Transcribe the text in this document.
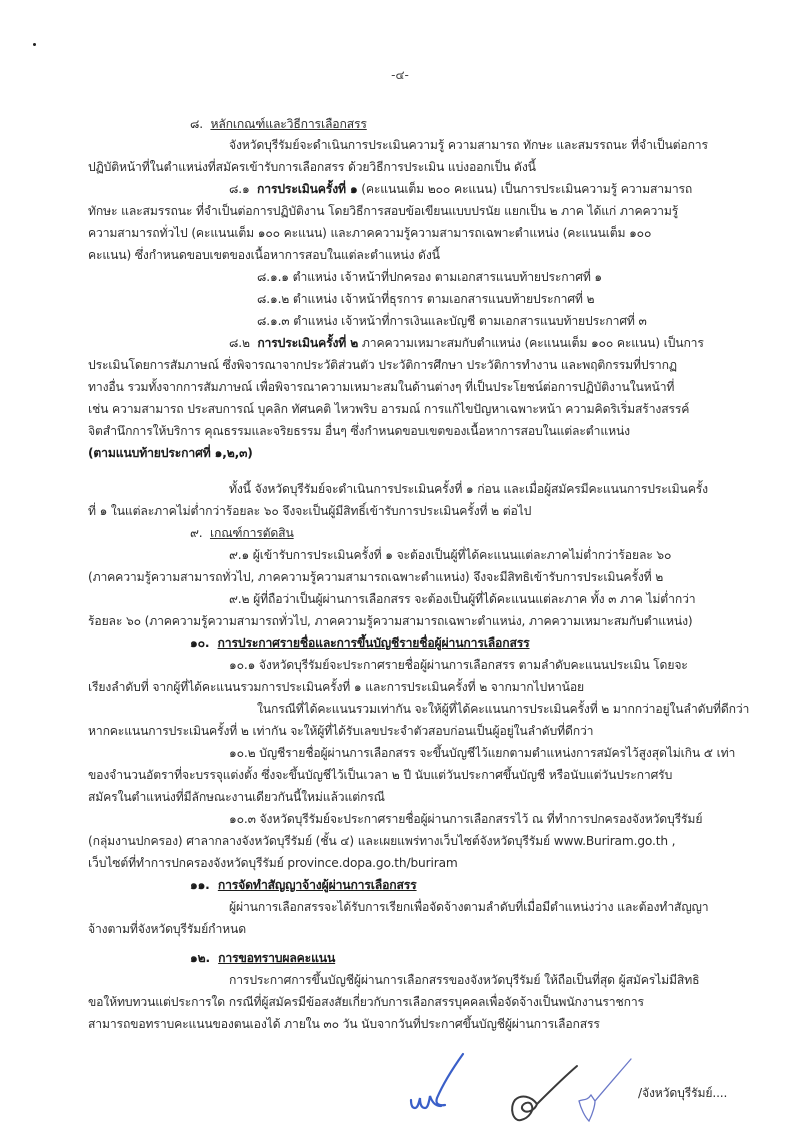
-๔-
๘. หลักเกณฑ์และวิธีการเลือกสรร
จังหวัดบุรีรัมย์จะดำเนินการประเมินความรู้ ความสามารถ ทักษะ และสมรรถนะ ที่จำเป็นต่อการ
ปฏิบัติหน้าที่ในตำแหน่งที่สมัครเข้ารับการเลือกสรร ด้วยวิธีการประเมิน แบ่งออกเป็น ดังนี้
๘.๑ การประเมินครั้งที่ ๑ (คะแนนเต็ม ๒๐๐ คะแนน) เป็นการประเมินความรู้ ความสามารถ
ทักษะ และสมรรถนะ ที่จำเป็นต่อการปฏิบัติงาน โดยวิธีการสอบข้อเขียนแบบปรนัย แยกเป็น ๒ ภาค ได้แก่ ภาคความรู้
ความสามารถทั่วไป (คะแนนเต็ม ๑๐๐ คะแนน) และภาคความรู้ความสามารถเฉพาะตำแหน่ง (คะแนนเต็ม ๑๐๐
คะแนน) ซึ่งกำหนดขอบเขตของเนื้อหาการสอบในแต่ละตำแหน่ง ดังนี้
๘.๑.๑ ตำแหน่ง เจ้าหน้าที่ปกครอง ตามเอกสารแนบท้ายประกาศที่ ๑
๘.๑.๒ ตำแหน่ง เจ้าหน้าที่ธุรการ ตามเอกสารแนบท้ายประกาศที่ ๒
๘.๑.๓ ตำแหน่ง เจ้าหน้าที่การเงินและบัญชี ตามเอกสารแนบท้ายประกาศที่ ๓
๘.๒ การประเมินครั้งที่ ๒ ภาคความเหมาะสมกับตำแหน่ง (คะแนนเต็ม ๑๐๐ คะแนน) เป็นการ
ประเมินโดยการสัมภาษณ์ ซึ่งพิจารณาจากประวัติส่วนตัว ประวัติการศึกษา ประวัติการทำงาน และพฤติกรรมที่ปรากฏ
ทางอื่น รวมทั้งจากการสัมภาษณ์ เพื่อพิจารณาความเหมาะสมในด้านต่างๆ ที่เป็นประโยชน์ต่อการปฏิบัติงานในหน้าที่
เช่น ความสามารถ ประสบการณ์ บุคลิก ทัศนคติ ไหวพริบ อารมณ์ การแก้ไขปัญหาเฉพาะหน้า ความคิดริเริ่มสร้างสรรค์
จิตสำนึกการให้บริการ คุณธรรมและจริยธรรม อื่นๆ ซึ่งกำหนดขอบเขตของเนื้อหาการสอบในแต่ละตำแหน่ง
(ตามแนบท้ายประกาศที่ ๑,๒,๓)
ทั้งนี้ จังหวัดบุรีรัมย์จะดำเนินการประเมินครั้งที่ ๑ ก่อน และเมื่อผู้สมัครมีคะแนนการประเมินครั้ง
ที่ ๑ ในแต่ละภาคไม่ต่ำกว่าร้อยละ ๖๐ จึงจะเป็นผู้มีสิทธิ์เข้ารับการประเมินครั้งที่ ๒ ต่อไป
๙. เกณฑ์การตัดสิน
๙.๑ ผู้เข้ารับการประเมินครั้งที่ ๑ จะต้องเป็นผู้ที่ได้คะแนนแต่ละภาคไม่ต่ำกว่าร้อยละ ๖๐
(ภาคความรู้ความสามารถทั่วไป, ภาคความรู้ความสามารถเฉพาะตำแหน่ง) จึงจะมีสิทธิเข้ารับการประเมินครั้งที่ ๒
๙.๒ ผู้ที่ถือว่าเป็นผู้ผ่านการเลือกสรร จะต้องเป็นผู้ที่ได้คะแนนแต่ละภาค ทั้ง ๓ ภาค ไม่ต่ำกว่า
ร้อยละ ๖๐ (ภาคความรู้ความสามารถทั่วไป, ภาคความรู้ความสามารถเฉพาะตำแหน่ง, ภาคความเหมาะสมกับตำแหน่ง)
๑๐. การประกาศรายชื่อและการขึ้นบัญชีรายชื่อผู้ผ่านการเลือกสรร
๑๐.๑ จังหวัดบุรีรัมย์จะประกาศรายชื่อผู้ผ่านการเลือกสรร ตามลำดับคะแนนประเมิน โดยจะ
เรียงลำดับที่ จากผู้ที่ได้คะแนนรวมการประเมินครั้งที่ ๑ และการประเมินครั้งที่ ๒ จากมากไปหาน้อย
ในกรณีที่ได้คะแนนรวมเท่ากัน จะให้ผู้ที่ได้คะแนนการประเมินครั้งที่ ๒ มากกว่าอยู่ในลำดับที่ดีกว่า
หากคะแนนการประเมินครั้งที่ ๒ เท่ากัน จะให้ผู้ที่ได้รับเลขประจำตัวสอบก่อนเป็นผู้อยู่ในลำดับที่ดีกว่า
๑๐.๒ บัญชีรายชื่อผู้ผ่านการเลือกสรร จะขึ้นบัญชีไว้แยกตามตำแหน่งการสมัครไว้สูงสุดไม่เกิน ๕ เท่า
ของจำนวนอัตราที่จะบรรจุแต่งตั้ง ซึ่งจะขึ้นบัญชีไว้เป็นเวลา ๒ ปี นับแต่วันประกาศขึ้นบัญชี หรือนับแต่วันประกาศรับ
สมัครในตำแหน่งที่มีลักษณะงานเดียวกันนี้ใหม่แล้วแต่กรณี
๑๐.๓ จังหวัดบุรีรัมย์จะประกาศรายชื่อผู้ผ่านการเลือกสรรไว้ ณ ที่ทำการปกครองจังหวัดบุรีรัมย์
(กลุ่มงานปกครอง) ศาลากลางจังหวัดบุรีรัมย์ (ชั้น ๔) และเผยแพร่ทางเว็บไซต์จังหวัดบุรีรัมย์ www.Buriram.go.th ,
เว็บไซต์ที่ทำการปกครองจังหวัดบุรีรัมย์ province.dopa.go.th/buriram
๑๑. การจัดทำสัญญาจ้างผู้ผ่านการเลือกสรร
ผู้ผ่านการเลือกสรรจะได้รับการเรียกเพื่อจัดจ้างตามลำดับที่เมื่อมีตำแหน่งว่าง และต้องทำสัญญา
จ้างตามที่จังหวัดบุรีรัมย์กำหนด
๑๒. การขอทราบผลคะแนน
การประกาศการขึ้นบัญชีผู้ผ่านการเลือกสรรของจังหวัดบุรีรัมย์ ให้ถือเป็นที่สุด ผู้สมัครไม่มีสิทธิ
ขอให้ทบทวนแต่ประการใด กรณีที่ผู้สมัครมีข้อสงสัยเกี่ยวกับการเลือกสรรบุคคลเพื่อจัดจ้างเป็นพนักงานราชการ
สามารถขอทราบคะแนนของตนเองได้ ภายใน ๓๐ วัน นับจากวันที่ประกาศขึ้นบัญชีผู้ผ่านการเลือกสรร
/จังหวัดบุรีรัมย์....
